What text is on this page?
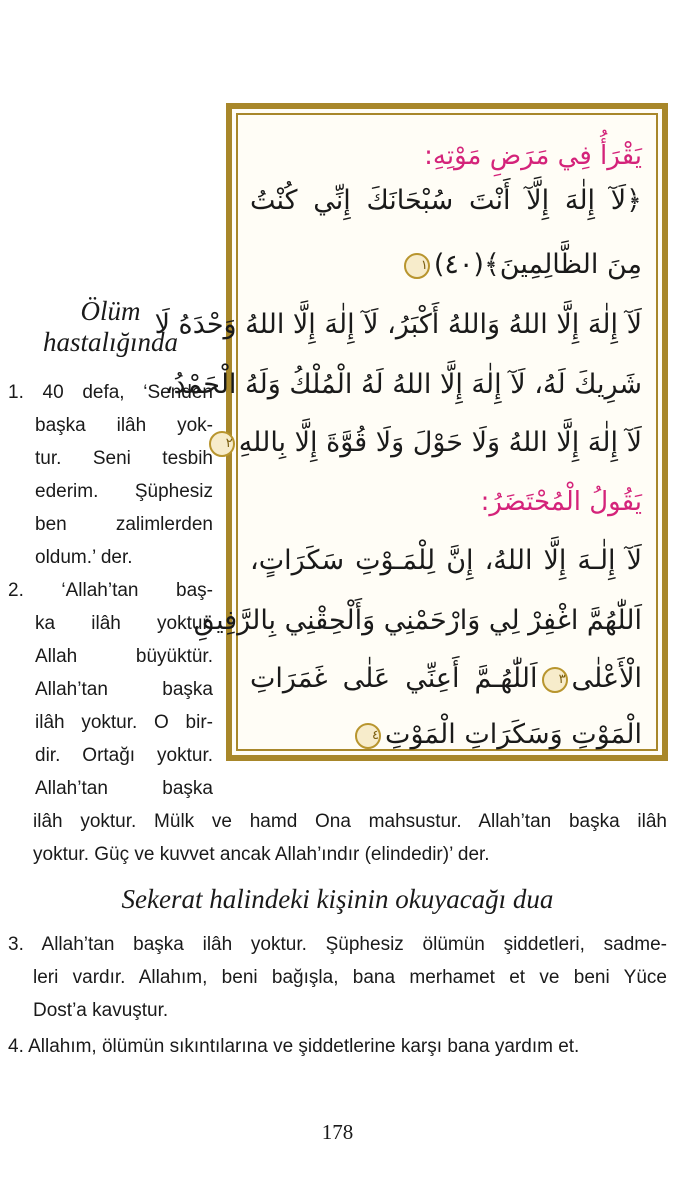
يَقْرَأُ فِي مَرَضِ مَوْتِهِ:
﴿لَآ إِلٰهَ إِلَّآ أَنْتَ سُبْحَانَكَ إِنِّي كُنْتُ
مِنَ الظَّالِمِينَ﴾(٤٠)١
لَآ إِلٰهَ إِلَّا اللهُ وَاللهُ أَكْبَرُ، لَآ إِلٰهَ إِلَّا اللهُ وَحْدَهُ لَا
شَرِيكَ لَهُ، لَآ إِلٰهَ إِلَّا اللهُ لَهُ الْمُلْكُ وَلَهُ الْحَمْدُ،
لَآ إِلٰهَ إِلَّا اللهُ وَلَا حَوْلَ وَلَا قُوَّةَ إِلَّا بِاللهِ٢
يَقُولُ الْمُحْتَضَرُ:
لَآ إِلٰـهَ إِلَّا اللهُ، إِنَّ لِلْمَـوْتِ سَكَرَاتٍ،
اَللّٰهُمَّ اغْفِرْ لِي وَارْحَمْنِي وَأَلْحِقْنِي بِالرَّفِيقِ
الْأَعْلٰى٣اَللّٰهُـمَّ أَعِنِّي عَلٰى غَمَرَاتِ
الْمَوْتِ وَسَكَرَاتِ الْمَوْتِ٤
Ölüm
hastalığında
1. 40 defa, ‘Senden
başka ilâh yok-
tur. Seni tesbih
ederim. Şüphesiz
ben zalimlerden
oldum.’ der.
2. ‘Allah’tan baş-
ka ilâh yoktur.
Allah büyüktür.
Allah’tan başka
ilâh yoktur. O bir-
dir. Ortağı yoktur.
Allah’tan başka
ilâh yoktur. Mülk ve hamd Ona mahsustur. Allah’tan başka ilâh
yoktur. Güç ve kuvvet ancak Allah’ındır (elindedir)’ der.
Sekerat halindeki kişinin okuyacağı dua
3. Allah’tan başka ilâh yoktur. Şüphesiz ölümün şiddetleri, sadme-
leri vardır. Allahım, beni bağışla, bana merhamet et ve beni Yüce
Dost’a kavuştur.
4. Allahım, ölümün sıkıntılarına ve şiddetlerine karşı bana yardım et.
178
